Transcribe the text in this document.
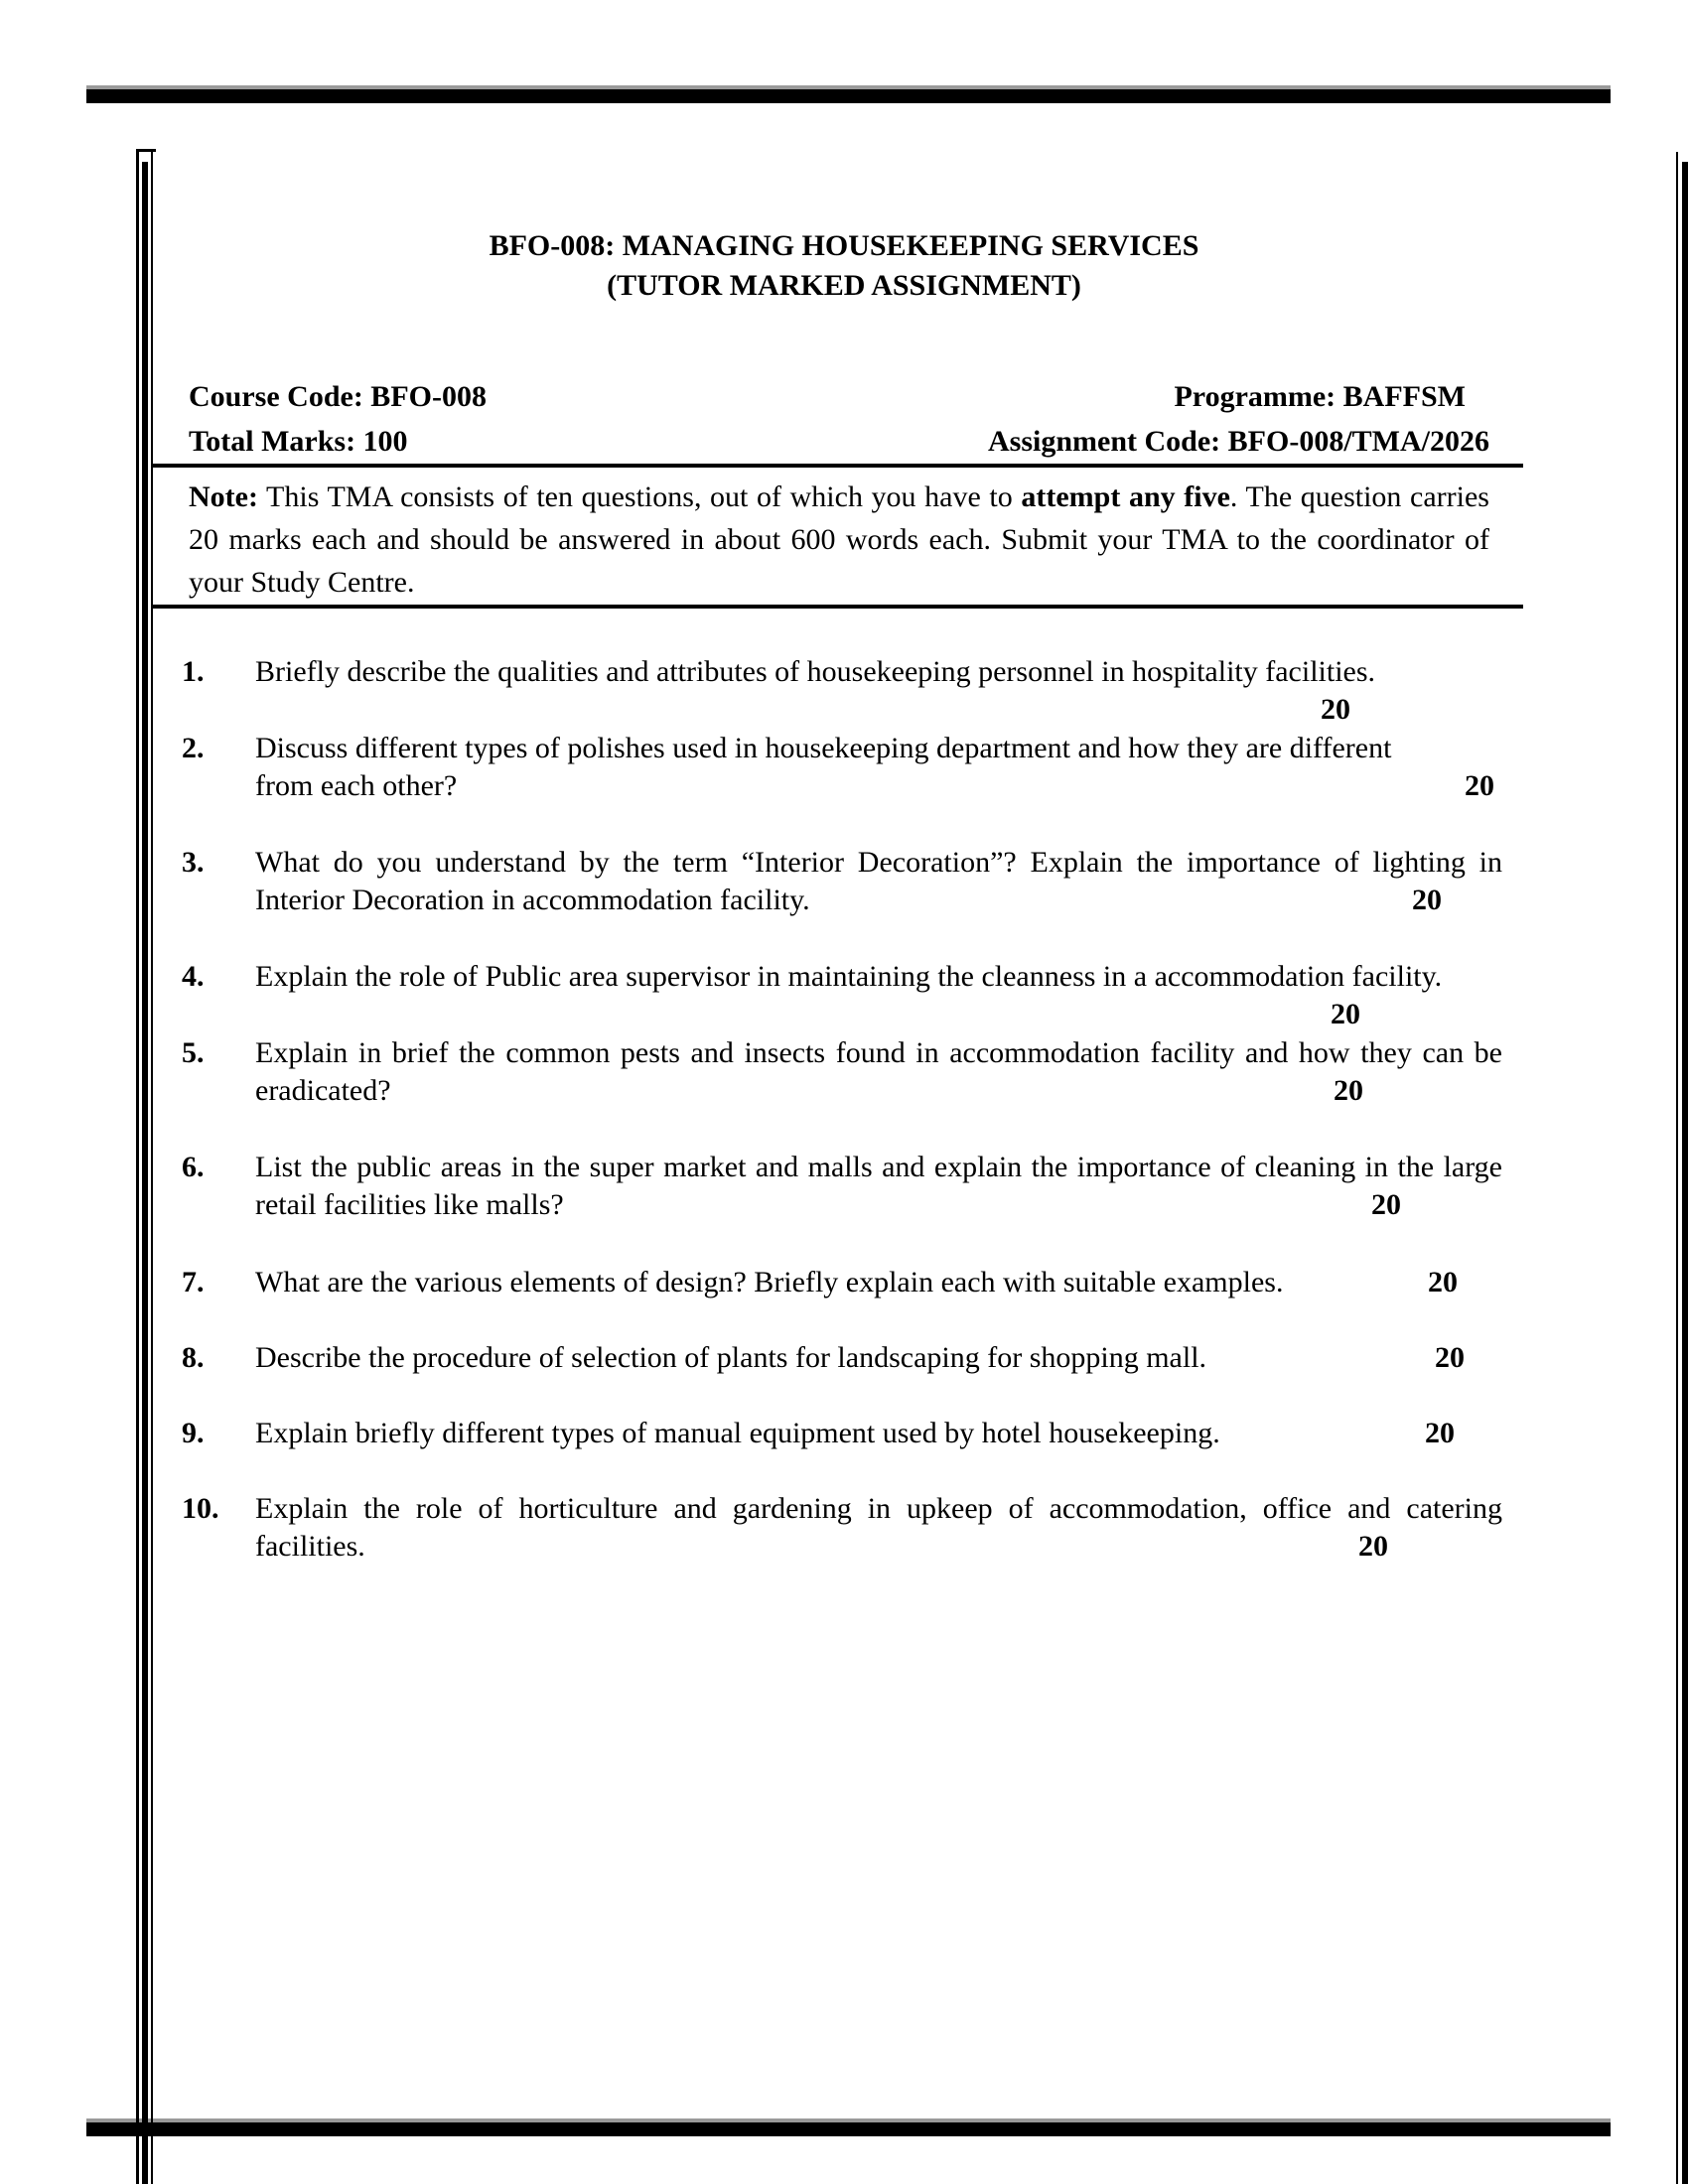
BFO-008: MANAGING HOUSEKEEPING SERVICES
(TUTOR MARKED ASSIGNMENT)
Course Code: BFO-008	Programme: BAFFSM
Total Marks: 100	Assignment Code: BFO-008/TMA/2026
Note: This TMA consists of ten questions, out of which you have to attempt any five. The question carries 20 marks each and should be answered in about 600 words each. Submit your TMA to the coordinator of your Study Centre.
1. Briefly describe the qualities and attributes of housekeeping personnel in hospitality facilities.
20
2. Discuss different types of polishes used in housekeeping department and how they are different from each other?	20
3. What do you understand by the term “Interior Decoration”? Explain the importance of lighting in Interior Decoration in accommodation facility.	20
4. Explain the role of Public area supervisor in maintaining the cleanness in a accommodation facility.
20
5. Explain in brief the common pests and insects found in accommodation facility and how they can be eradicated?	20
6. List the public areas in the super market and malls and explain the importance of cleaning in the large retail facilities like malls?	20
7. What are the various elements of design? Briefly explain each with suitable examples.	20
8. Describe the procedure of selection of plants for landscaping for shopping mall.	20
9. Explain briefly different types of manual equipment used by hotel housekeeping.	20
10. Explain the role of horticulture and gardening in upkeep of accommodation, office and catering facilities.	20
